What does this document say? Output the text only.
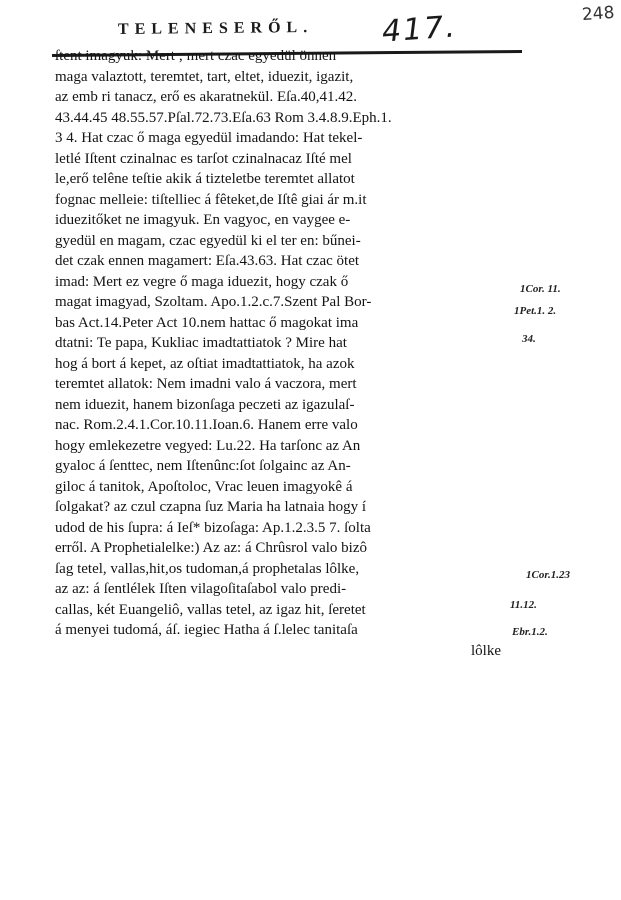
248
TELENESERŐL. 417.
ſtent imagyuk: Mert ; mert czac egyedül önnen
maga valaztott, teremtet, tart, eltet, iduezit, igazit,
az emb ri tanacz, erő es akaratnekül. Eſa.40,41.42.
43.44.45 48.55.57.Pſal.72.73.Eſa.63 Rom 3.4.8.9.Eph.1.
3 4. Hat czac ő maga egyedül imadando: Hat tekel-
letlé Iſtent czinalnac es tarſot czinalnacaz Iſté mel
le,erő telêne teſtie akik á tizteletbe teremtet allatot
fognac melleie: tiſtelliec á fêteket,de Iſtê giai ár m.it
iduezitőket ne imagyuk. En vagyoc, en vaygee e-
gyedül en magam, czac egyedül ki el ter en: bűnei-
det czak ennen magamert: Eſa.43.63. Hat czac ötet
imad: Mert ez vegre ő maga iduezit, hogy czak ő
magat imagyad, Szoltam. Apo.1.2.c.7.Szent Pal Bor-
bas Act.14.Peter Act 10.nem hattac ő magokat ima
dtatni: Te papa, Kukliac imadtattiatok ? Mire hat
hog á bort á kepet, az oſtiat imadtattiatok, ha azok
teremtet allatok: Nem imadni valo á vaczora, mert
nem iduezit, hanem bizonſaga peczeti az igazulaſ-
nac. Rom.2.4.1.Cor.10.11.Ioan.6. Hanem erre valo
hogy emlekezetre vegyed: Lu.22. Ha tarſonc az An
gyaloc á ſenttec, nem Iſtenûnc:ſot ſolgainc az An-
giloc á tanitok, Apoſtoloc, Vrac leuen imagyokê á
ſolgakat? az czul czapna ſuz Maria ha latnaia hogy í
udod de his ſupra: á Ieſ* bizoſaga: Ap.1.2.3.5 7. ſolta
erről. A Prophetialelke:) Az az: á Chrûsrol valo bizô
ſag tetel, vallas,hit,os tudoman,á prophetalas lôlke,
az az: á ſentlélek Iſten vilagoſitaſabol valo predi-
callas, két Euangeliô, vallas tetel, az igaz hit, ſeretet
á menyei tudomá, áſ. iegiec Hatha á ſ.lelec tanitaſa
lôlke
1Cor. 11.
1Pet.1. 2.
34.
1Cor.1.23
11.12.
Ebr.1.2.
